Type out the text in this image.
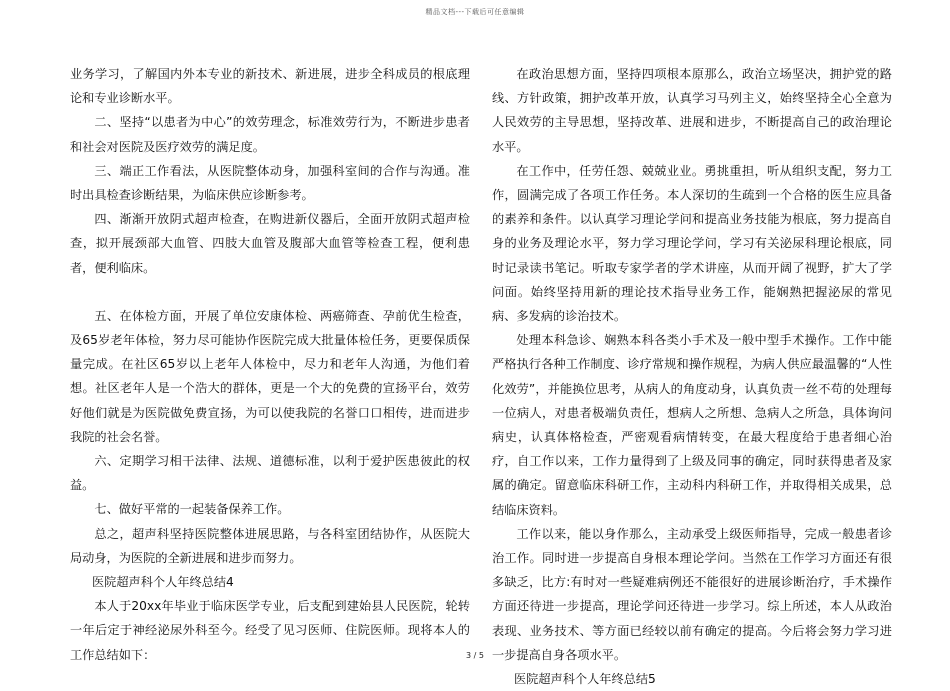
精品文档---下载后可任意编辑

业务学习，了解国内外本专业的新技术、新进展，进步全科成员的根底理论和专业诊断水平。

二、坚持“以患者为中心”的效劳理念，标准效劳行为，不断进步患者和社会对医院及医疗效劳的满足度。

三、端正工作看法，从医院整体动身，加强科室间的合作与沟通。准时出具检查诊断结果，为临床供应诊断参考。

四、渐渐开放阴式超声检查，在购进新仪器后，全面开放阴式超声检查，拟开展颈部大血管、四肢大血管及腹部大血管等检查工程，便利患者，便利临床。

五、在体检方面，开展了单位安康体检、两癌筛查、孕前优生检查，及65岁老年体检，努力尽可能协作医院完成大批量体检任务，更要保质保量完成。在社区65岁以上老年人体检中，尽力和老年人沟通，为他们着想。社区老年人是一个浩大的群体，更是一个大的免费的宣扬平台，效劳好他们就是为医院做免费宣扬，为可以使我院的名誉口口相传，进而进步我院的社会名誉。

六、定期学习相干法律、法规、道德标准，以利于爱护医患彼此的权益。

七、做好平常的一起装备保养工作。

总之，超声科坚持医院整体进展思路，与各科室团结协作，从医院大局动身，为医院的全新进展和进步而努力。

医院超声科个人年终总结4

本人于20xx年毕业于临床医学专业，后支配到建始县人民医院，轮转一年后定于神经泌尿外科至今。经受了见习医师、住院医师。现将本人的工作总结如下：

在政治思想方面，坚持四项根本原那么，政治立场坚决，拥护党的路线、方针政策，拥护改革开放，认真学习马列主义，始终坚持全心全意为人民效劳的主导思想，坚持改革、进展和进步，不断提高自己的政治理论水平。

在工作中，任劳任怨、兢兢业业。勇挑重担，听从组织支配，努力工作，圆满完成了各项工作任务。本人深切的生疏到一个合格的医生应具备的素养和条件。以认真学习理论学问和提高业务技能为根底，努力提高自身的业务及理论水平，努力学习理论学问，学习有关泌尿科理论根底，同时记录读书笔记。听取专家学者的学术讲座，从而开阔了视野，扩大了学问面。始终坚持用新的理论技术指导业务工作，能娴熟把握泌尿的常见病、多发病的诊治技术。

处理本科急诊、娴熟本科各类小手术及一般中型手术操作。工作中能严格执行各种工作制度、诊疗常规和操作规程，为病人供应最温馨的“人性化效劳”，并能换位思考，从病人的角度动身，认真负责一丝不苟的处理每一位病人，对患者极端负责任，想病人之所想、急病人之所急，具体询问病史，认真体格检查，严密观看病情转变，在最大程度给于患者细心治疗，自工作以来，工作力量得到了上级及同事的确定，同时获得患者及家属的确定。留意临床科研工作，主动科内科研工作，并取得相关成果，总结临床资料。

工作以来，能以身作那么，主动承受上级医师指导，完成一般患者诊治工作。同时进一步提高自身根本理论学问。当然在工作学习方面还有很多缺乏，比方:有时对一些疑难病例还不能很好的进展诊断治疗，手术操作方面还待进一步提高，理论学问还待进一步学习。综上所述，本人从政治表现、业务技术、等方面已经较以前有确定的提高。今后将会努力学习进一步提高自身各项水平。

医院超声科个人年终总结5

3 / 5
